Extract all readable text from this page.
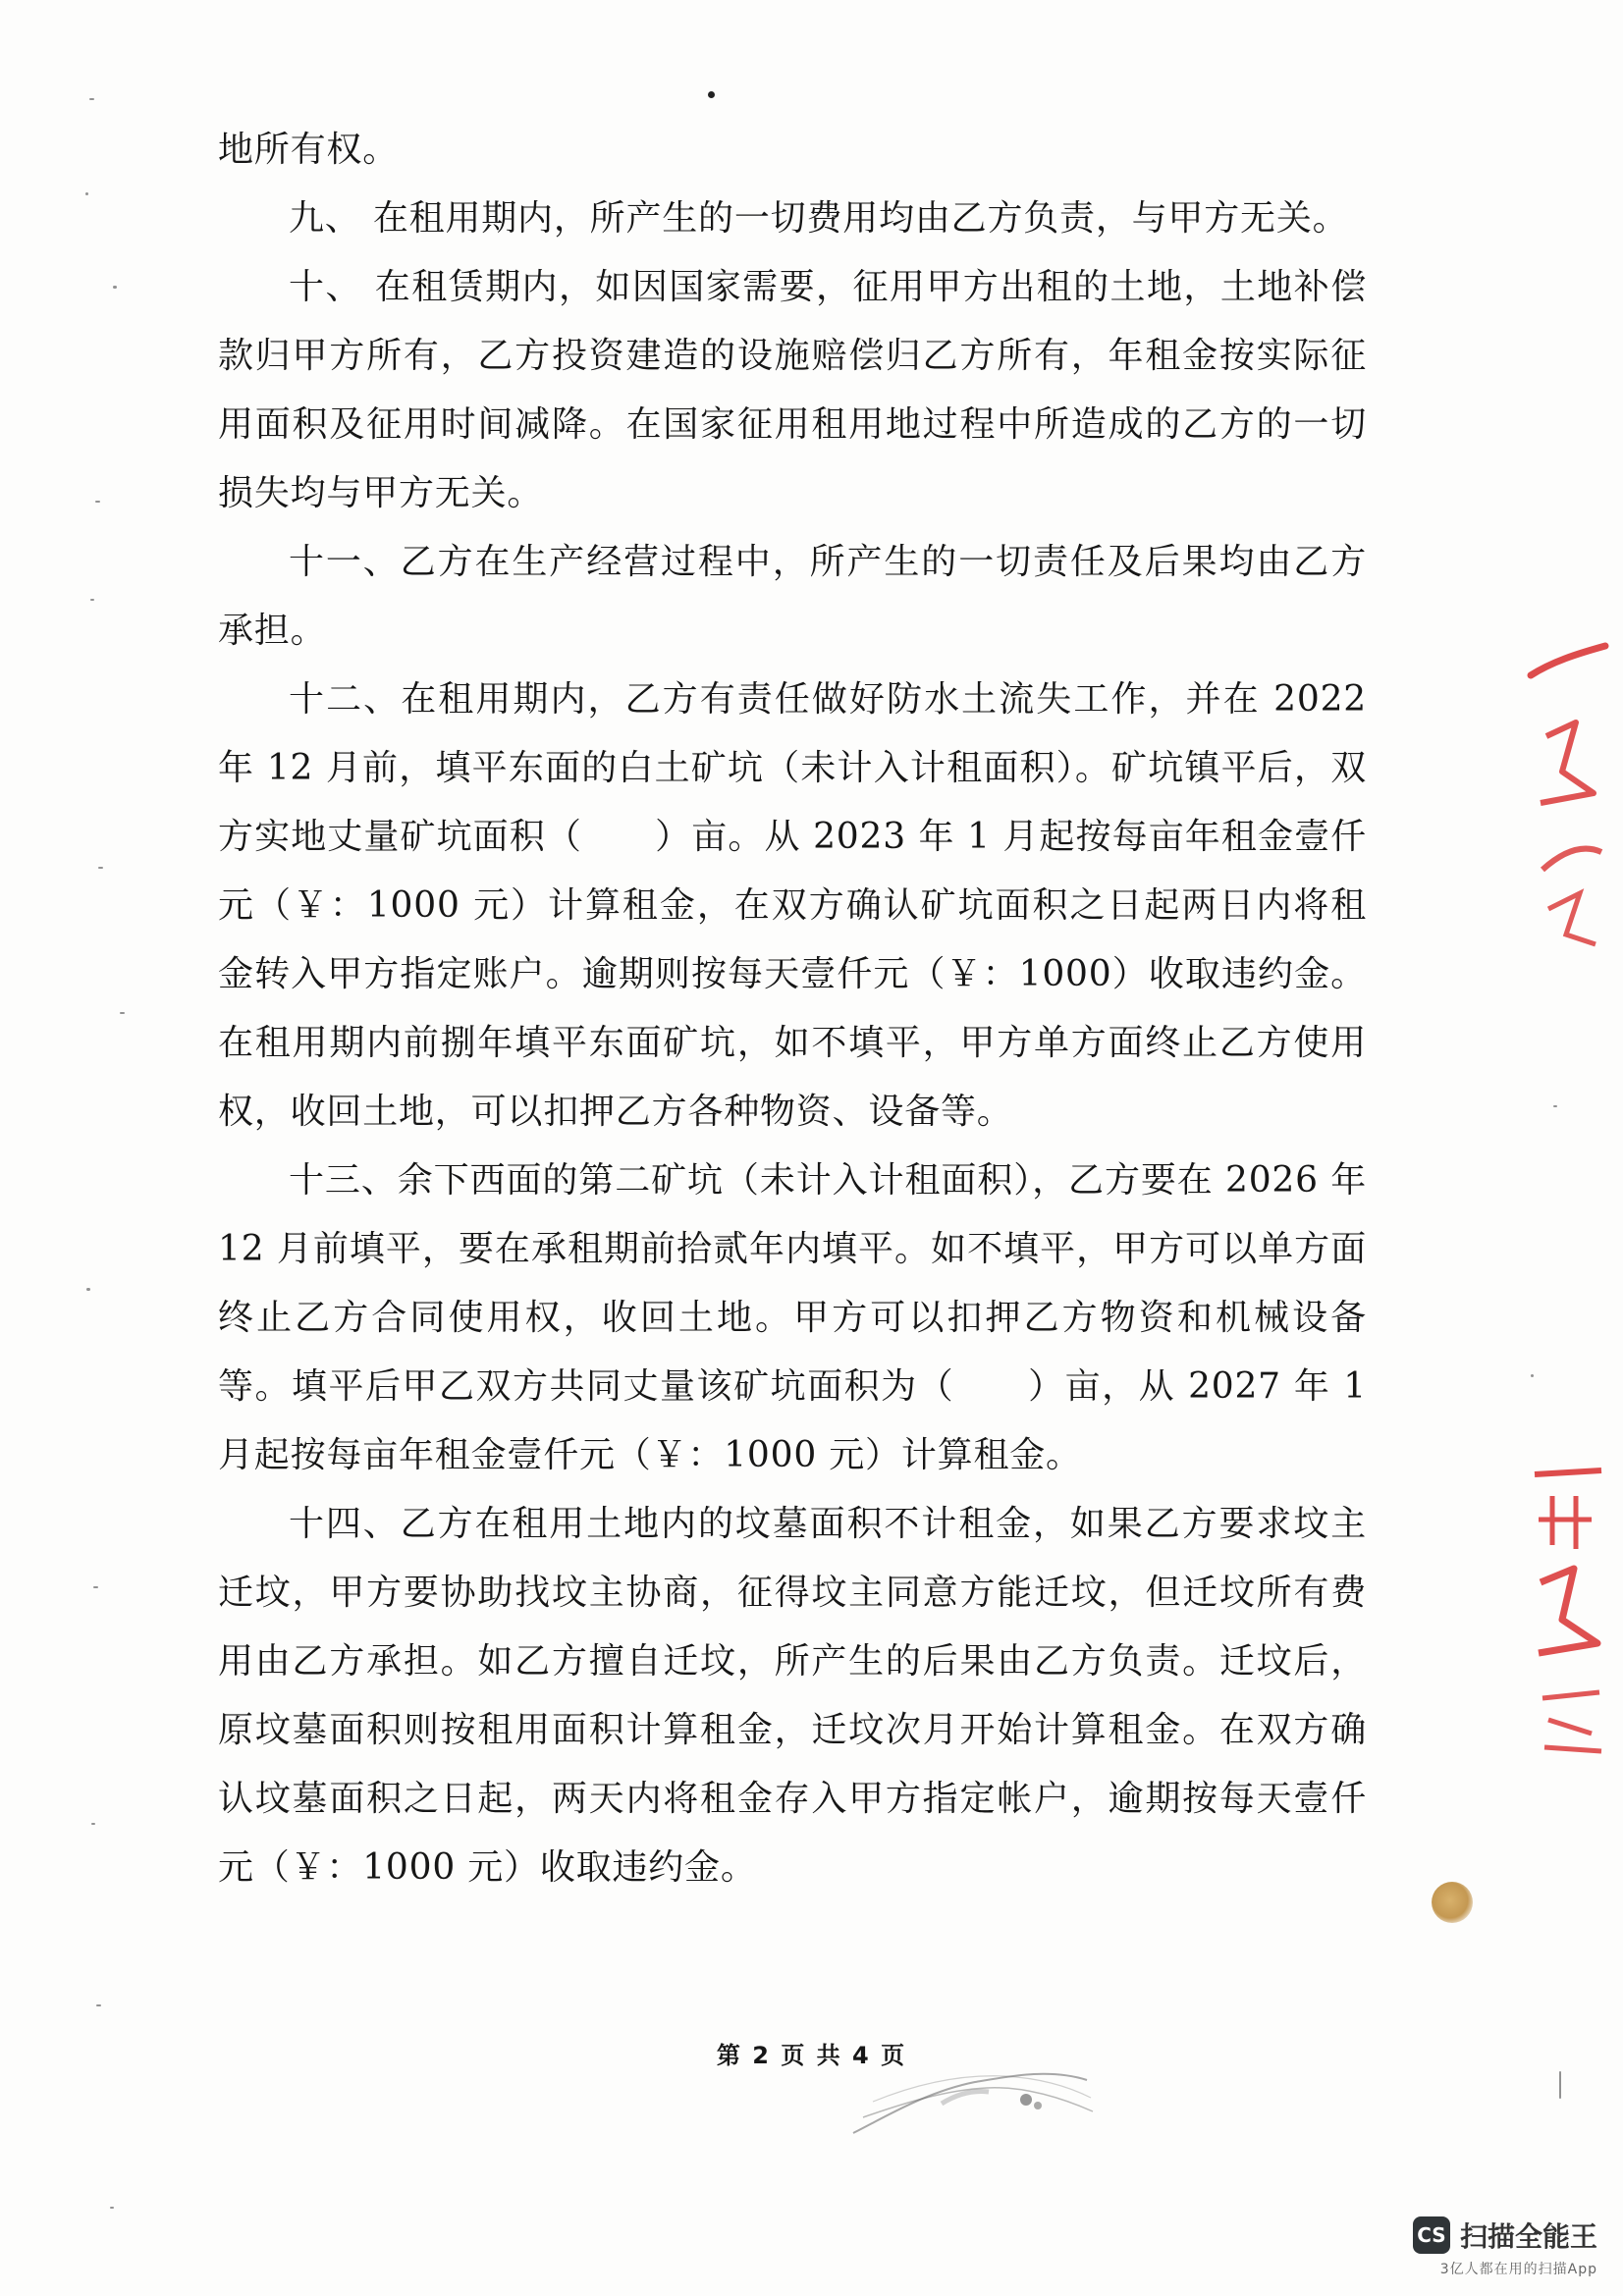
地所有权。

九、 在租用期内，所产生的一切费用均由乙方负责，与甲方无关。

十、 在租赁期内，如因国家需要，征用甲方出租的土地，土地补偿款归甲方所有，乙方投资建造的设施赔偿归乙方所有，年租金按实际征用面积及征用时间减降。在国家征用租用地过程中所造成的乙方的一切损失均与甲方无关。

十一、乙方在生产经营过程中，所产生的一切责任及后果均由乙方承担。

十二、在租用期内，乙方有责任做好防水土流失工作，并在 2022 年 12 月前，填平东面的白土矿坑（未计入计租面积）。矿坑镇平后，双方实地丈量矿坑面积（　　）亩。从 2023 年 1 月起按每亩年租金壹仟元（￥：1000 元）计算租金，在双方确认矿坑面积之日起两日内将租金转入甲方指定账户。逾期则按每天壹仟元（￥：1000）收取违约金。在租用期内前捌年填平东面矿坑，如不填平，甲方单方面终止乙方使用权，收回土地，可以扣押乙方各种物资、设备等。

十三、余下西面的第二矿坑（未计入计租面积），乙方要在 2026 年 12 月前填平，要在承租期前拾贰年内填平。如不填平，甲方可以单方面终止乙方合同使用权，收回土地。甲方可以扣押乙方物资和机械设备等。填平后甲乙双方共同丈量该矿坑面积为（　　）亩，从 2027 年 1 月起按每亩年租金壹仟元（￥：1000 元）计算租金。

十四、乙方在租用土地内的坟墓面积不计租金，如果乙方要求坟主迁坟，甲方要协助找坟主协商，征得坟主同意方能迁坟，但迁坟所有费用由乙方承担。如乙方擅自迁坟，所产生的后果由乙方负责。迁坟后，原坟墓面积则按租用面积计算租金，迁坟次月开始计算租金。在双方确认坟墓面积之日起，两天内将租金存入甲方指定帐户，逾期按每天壹仟元（￥：1000 元）收取违约金。

第 2 页 共 4 页
CS 扫描全能王
3亿人都在用的扫描App
